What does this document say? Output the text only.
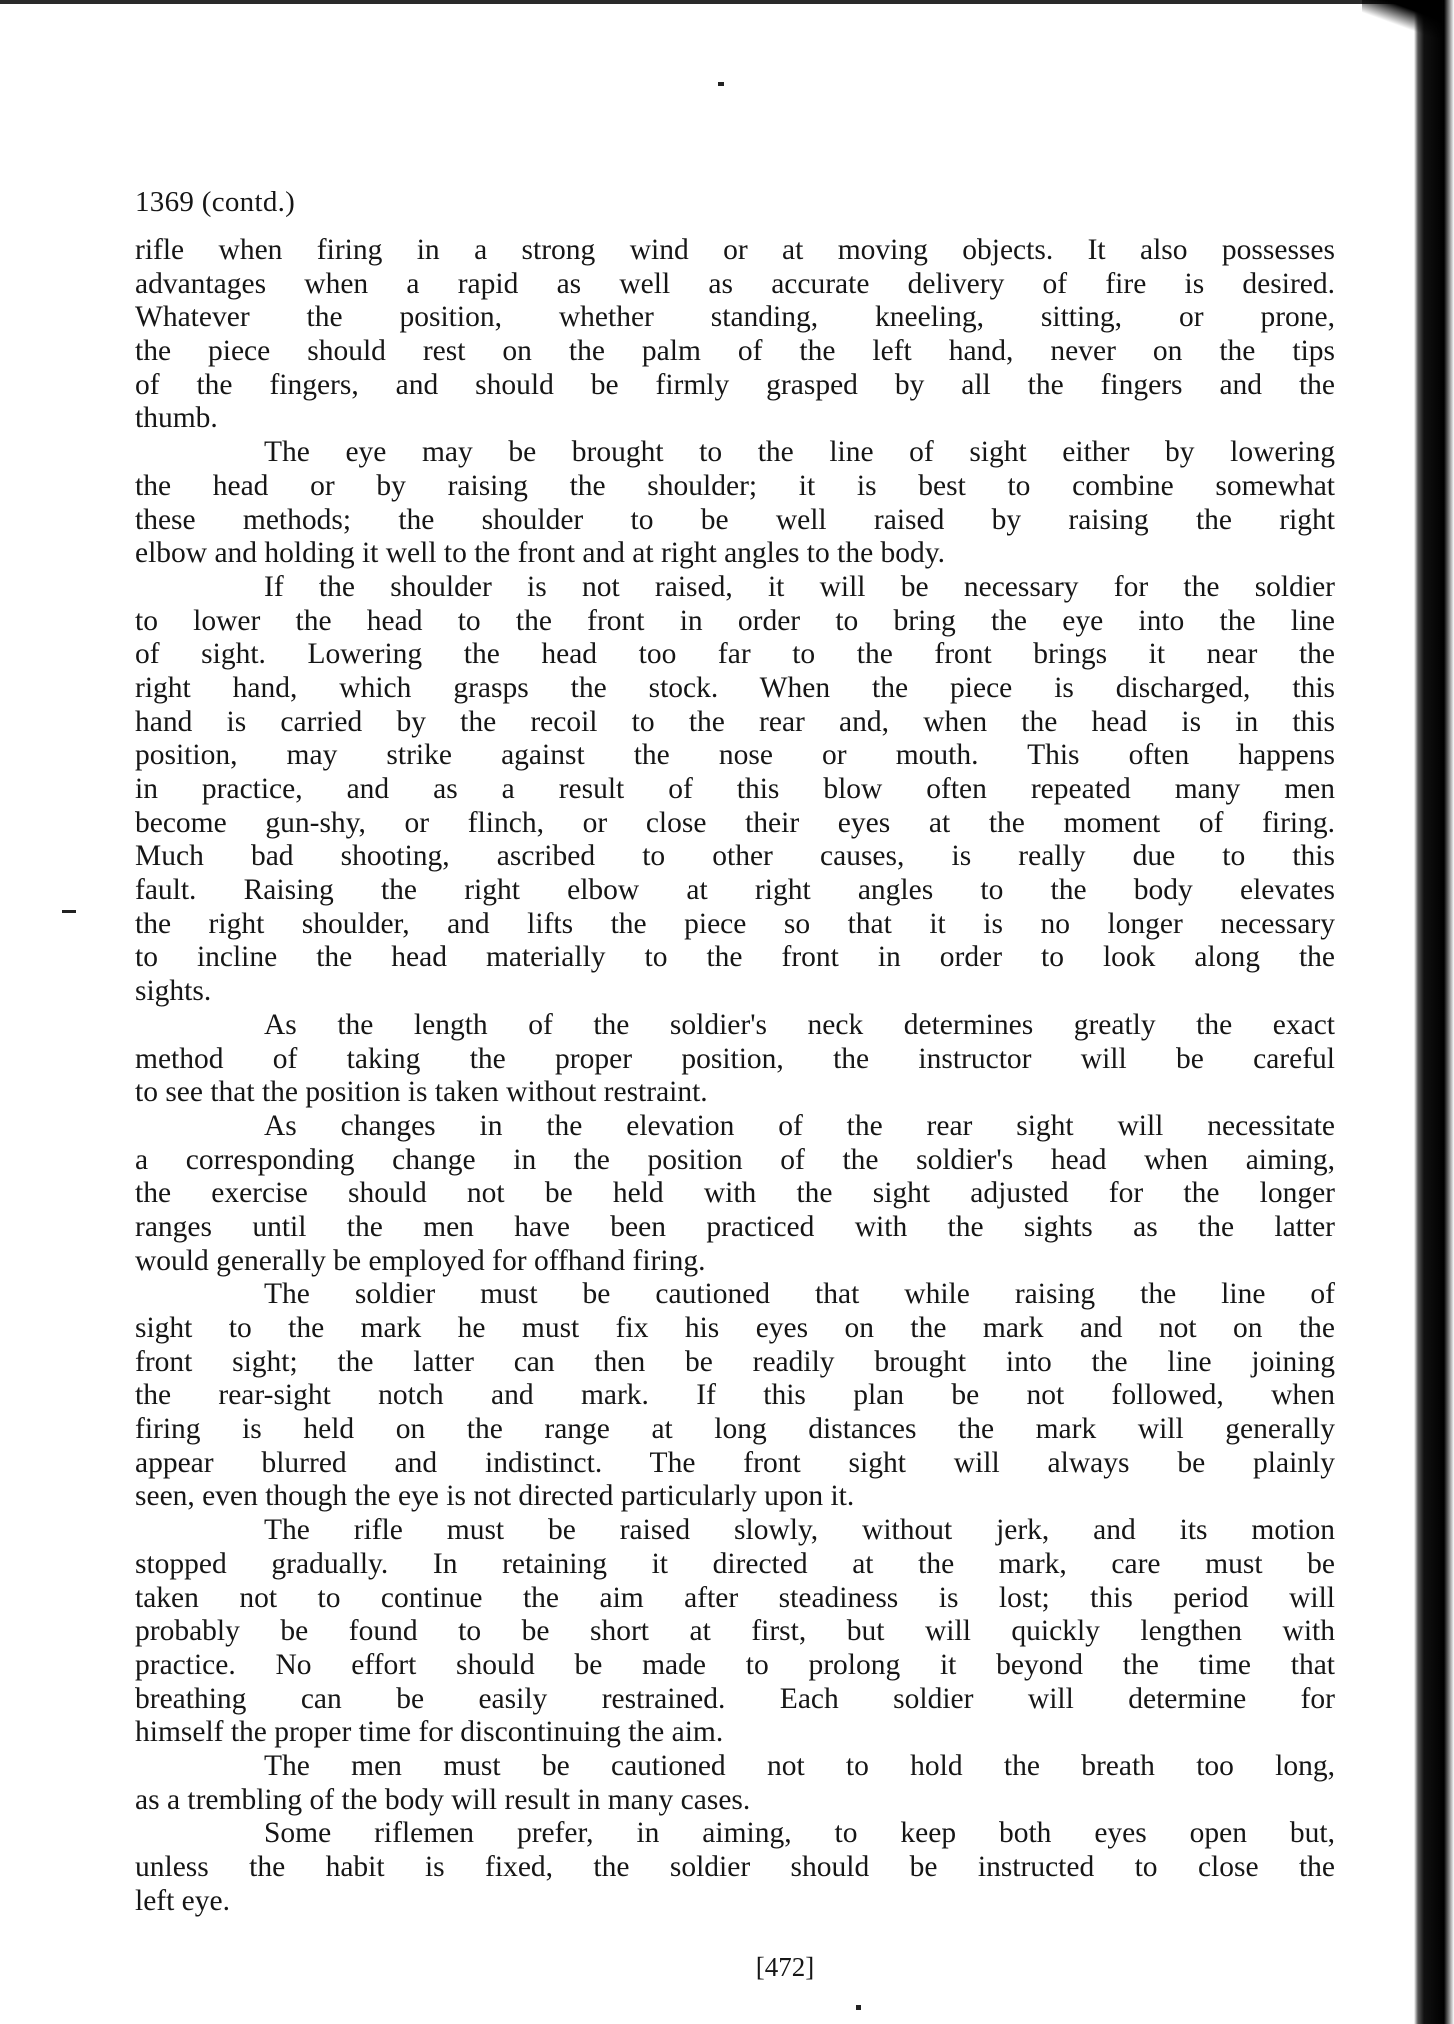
1369 (contd.)
rifle when firing in a strong wind or at moving objects. It also possesses
advantages when a rapid as well as accurate delivery of fire is desired.
Whatever the position, whether standing, kneeling, sitting, or prone,
the piece should rest on the palm of the left hand, never on the tips
of the fingers, and should be firmly grasped by all the fingers and the
thumb.
The eye may be brought to the line of sight either by lowering
the head or by raising the shoulder; it is best to combine somewhat
these methods; the shoulder to be well raised by raising the right
elbow and holding it well to the front and at right angles to the body.
If the shoulder is not raised, it will be necessary for the soldier
to lower the head to the front in order to bring the eye into the line
of sight. Lowering the head too far to the front brings it near the
right hand, which grasps the stock. When the piece is discharged, this
hand is carried by the recoil to the rear and, when the head is in this
position, may strike against the nose or mouth. This often happens
in practice, and as a result of this blow often repeated many men
become gun-shy, or flinch, or close their eyes at the moment of firing.
Much bad shooting, ascribed to other causes, is really due to this
fault. Raising the right elbow at right angles to the body elevates
the right shoulder, and lifts the piece so that it is no longer necessary
to incline the head materially to the front in order to look along the
sights.
As the length of the soldier's neck determines greatly the exact
method of taking the proper position, the instructor will be careful
to see that the position is taken without restraint.
As changes in the elevation of the rear sight will necessitate
a corresponding change in the position of the soldier's head when aiming,
the exercise should not be held with the sight adjusted for the longer
ranges until the men have been practiced with the sights as the latter
would generally be employed for offhand firing.
The soldier must be cautioned that while raising the line of
sight to the mark he must fix his eyes on the mark and not on the
front sight; the latter can then be readily brought into the line joining
the rear-sight notch and mark. If this plan be not followed, when
firing is held on the range at long distances the mark will generally
appear blurred and indistinct. The front sight will always be plainly
seen, even though the eye is not directed particularly upon it.
The rifle must be raised slowly, without jerk, and its motion
stopped gradually. In retaining it directed at the mark, care must be
taken not to continue the aim after steadiness is lost; this period will
probably be found to be short at first, but will quickly lengthen with
practice. No effort should be made to prolong it beyond the time that
breathing can be easily restrained. Each soldier will determine for
himself the proper time for discontinuing the aim.
The men must be cautioned not to hold the breath too long,
as a trembling of the body will result in many cases.
Some riflemen prefer, in aiming, to keep both eyes open but,
unless the habit is fixed, the soldier should be instructed to close the
left eye.
[472]
